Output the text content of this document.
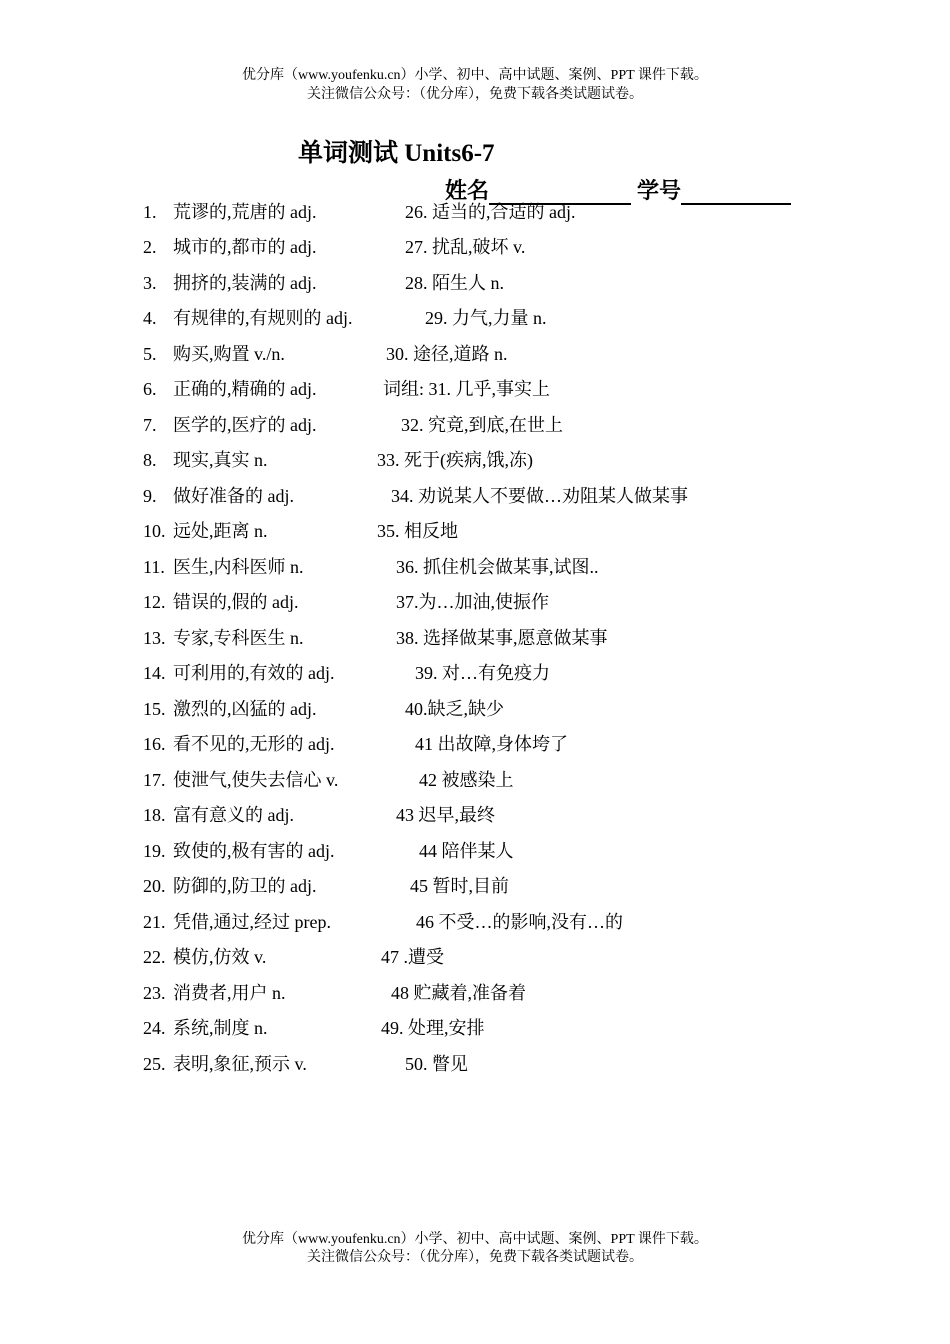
优分库（www.youfenku.cn）小学、初中、高中试题、案例、PPT 课件下载。
关注微信公众号：（优分库），免费下载各类试题试卷。
单词测试 Units6-7
姓名	学号
1. 荒谬的,荒唐的 adj.
2. 城市的,都市的 adj.
3. 拥挤的,装满的 adj.
4. 有规律的,有规则的 adj.
5. 购买,购置 v./n.
6. 正确的,精确的 adj.
7. 医学的,医疗的 adj.
8. 现实,真实 n.
9. 做好准备的 adj.
10. 远处,距离 n.
11. 医生,内科医师 n.
12. 错误的,假的 adj.
13. 专家,专科医生 n.
14. 可利用的,有效的 adj.
15. 激烈的,凶猛的 adj.
16. 看不见的,无形的 adj.
17. 使泄气,使失去信心 v.
18. 富有意义的 adj.
19. 致使的,极有害的 adj.
20. 防御的,防卫的 adj.
21. 凭借,通过,经过 prep.
22. 模仿,仿效 v.
23. 消费者,用户 n.
24. 系统,制度 n.
25. 表明,象征,预示 v.
26. 适当的,合适的 adj.
27. 扰乱,破坏 v.
28. 陌生人 n.
29. 力气,力量 n.
30. 途径,道路 n.
词组: 31. 几乎,事实上
32. 究竟,到底,在世上
33. 死于(疾病,饿,冻)
34. 劝说某人不要做…劝阻某人做某事
35. 相反地
36. 抓住机会做某事,试图..
37.为…加油,使振作
38. 选择做某事,愿意做某事
39. 对…有免疫力
40.缺乏,缺少
41 出故障,身体垮了
42 被感染上
43 迟早,最终
44 陪伴某人
45 暂时,目前
46 不受…的影响,没有…的
47 .遭受
48 贮藏着,准备着
49. 处理,安排
50. 瞥见
优分库（www.youfenku.cn）小学、初中、高中试题、案例、PPT 课件下载。
关注微信公众号：（优分库），免费下载各类试题试卷。
